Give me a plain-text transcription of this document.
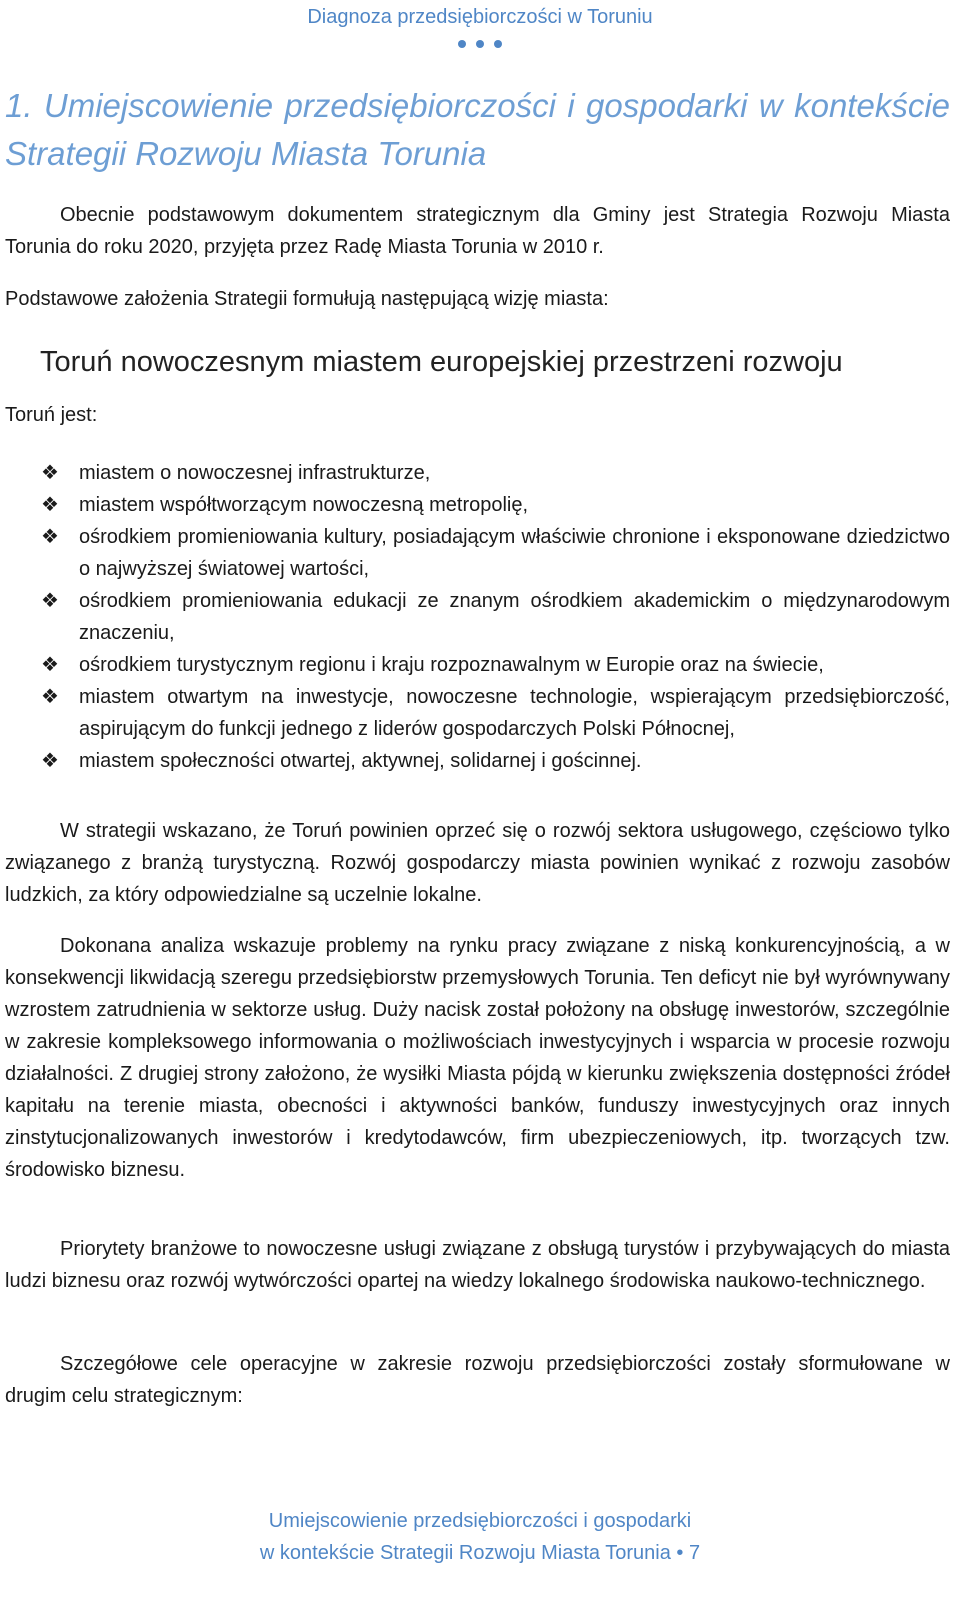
Diagnoza przedsiębiorczości w Toruniu
1. Umiejscowienie przedsiębiorczości i gospodarki w kontekście Strategii Rozwoju Miasta Torunia

Obecnie podstawowym dokumentem strategicznym dla Gminy jest Strategia Rozwoju Miasta Torunia do roku 2020, przyjęta przez Radę Miasta Torunia w 2010 r.

Podstawowe założenia Strategii formułują następującą wizję miasta:

Toruń nowoczesnym miastem europejskiej przestrzeni rozwoju

Toruń jest:

❖ miastem o nowoczesnej infrastrukturze,
❖ miastem współtworzącym nowoczesną metropolię,
❖ ośrodkiem promieniowania kultury, posiadającym właściwie chronione i eksponowane dziedzictwo o najwyższej światowej wartości,
❖ ośrodkiem promieniowania edukacji ze znanym ośrodkiem akademickim o międzynarodowym znaczeniu,
❖ ośrodkiem turystycznym regionu i kraju rozpoznawalnym w Europie oraz na świecie,
❖ miastem otwartym na inwestycje, nowoczesne technologie, wspierającym przedsiębiorczość, aspirującym do funkcji jednego z liderów gospodarczych Polski Północnej,
❖ miastem społeczności otwartej, aktywnej, solidarnej i gościnnej.

W strategii wskazano, że Toruń powinien oprzeć się o rozwój sektora usługowego, częściowo tylko związanego z branżą turystyczną. Rozwój gospodarczy miasta powinien wynikać z rozwoju zasobów ludzkich, za który odpowiedzialne są uczelnie lokalne.

Dokonana analiza wskazuje problemy na rynku pracy związane z niską konkurencyjnością, a w konsekwencji likwidacją szeregu przedsiębiorstw przemysłowych Torunia. Ten deficyt nie był wyrównywany wzrostem zatrudnienia w sektorze usług. Duży nacisk został położony na obsługę inwestorów, szczególnie w zakresie kompleksowego informowania o możliwościach inwestycyjnych i wsparcia w procesie rozwoju działalności. Z drugiej strony założono, że wysiłki Miasta pójdą w kierunku zwiększenia dostępności źródeł kapitału na terenie miasta, obecności i aktywności banków, funduszy inwestycyjnych oraz innych zinstytucjonalizowanych inwestorów i kredytodawców, firm ubezpieczeniowych, itp. tworzących tzw. środowisko biznesu.

Priorytety branżowe to nowoczesne usługi związane z obsługą turystów i przybywających do miasta ludzi biznesu oraz rozwój wytwórczości opartej na wiedzy lokalnego środowiska naukowo-technicznego.

Szczegółowe cele operacyjne w zakresie rozwoju przedsiębiorczości zostały sformułowane w drugim celu strategicznym:

Umiejscowienie przedsiębiorczości i gospodarki
w kontekście Strategii Rozwoju Miasta Torunia • 7
